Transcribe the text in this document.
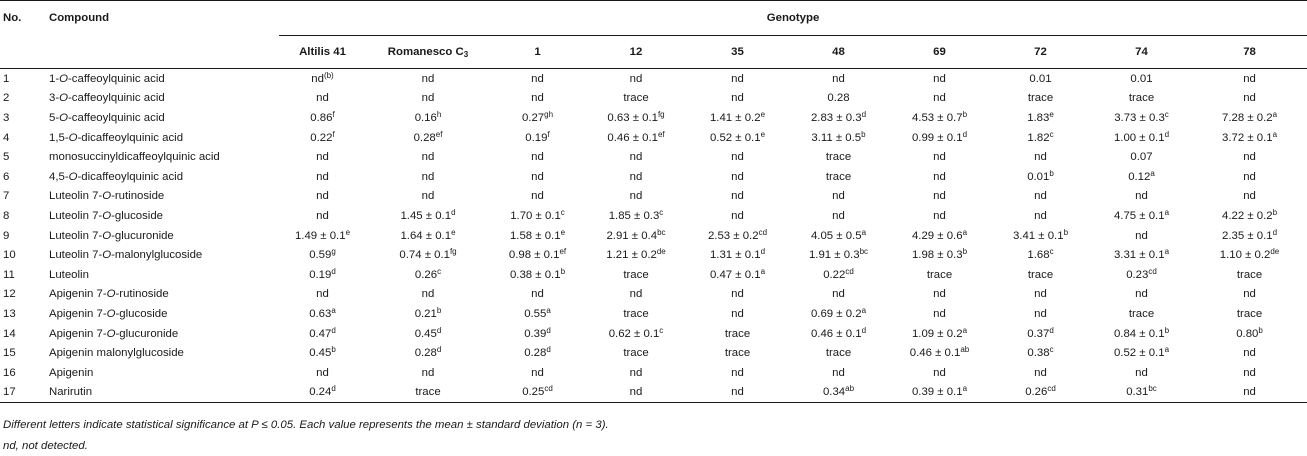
No.	Compound	Genotype									
		Altilis 41	Romanesco $C_3$	1	12	35	48	69	72	74	78
1	1-O-caffeoylquinic acid	$nd^{(b)}$	nd	nd	nd	nd	nd	nd	0.01	0.01	nd
2	3-O-caffeoylquinic acid	nd	nd	nd	trace	nd	0.28	nd	trace	trace	nd
3	5-O-caffeoylquinic acid	0.86$^f$	0.16$^h$	0.27$^{gh}$	0.63 ± 0.1$^{fg}$	1.41 ± 0.2$^e$	2.83 ± 0.3$^d$	4.53 ± 0.7$^b$	1.83e	3.73 ± 0.3$^c$	7.28 ± 0.2$^a$
4	1,5-O-dicaffeoylquinic acid	0.22$^f$	0.28$^{ef}$	0.19$^f$	0.46 ± 0.1$^{ef}$	0.52 ± 0.1$^e$	3.11 ± 0.5$^b$	0.99 ± 0.1$^d$	1.82$^c$	1.00 ± 0.1$^d$	3.72 ± 0.1$^a$
5	monosuccinyldicaffeoylquinic acid	nd	nd	nd	nd	nd	trace	nd	nd	0.07	nd
6	4,5-O-dicaffeoylquinic acid	nd	nd	nd	nd	nd	trace	nd	0.01$^b$	0.12$^a$	nd
7	Luteolin 7-O-rutinoside	nd	nd	nd	nd	nd	nd	nd	nd	nd	nd
8	Luteolin 7-O-glucoside	nd	1.45 ± 0.1$^d$	1.70 ± 0.1$^c$	1.85 ± 0.3$^c$	nd	nd	nd	nd	4.75 ± 0.1$^a$	4.22 ± 0.2$^b$
9	Luteolin 7-O-glucuronide	1.49 ± 0.1$^e$	1.64 ± 0.1$^e$	1.58 ± 0.1$^e$	2.91 ± 0.4$^{bc}$	2.53 ± 0.2$^{cd}$	4.05 ± 0.5$^a$	4.29 ± 0.6$^a$	3.41 ± 0.1$^b$	nd	2.35 ± 0.1$^d$
10	Luteolin 7-O-malonylglucoside	0.59$^g$	0.74 ± 0.1$^{fg}$	0.98 ± 0.1$^{ef}$	1.21 ± 0.2de	1.31 ± 0.1$^d$	1.91 ± 0.3$^{bc}$	1.98 ± 0.3$^b$	1.68$^c$	3.31 ± 0.1$^a$	1.10 ± 0.2de
11	Luteolin	0.19$^d$	0.26$^c$	0.38 ± 0.1$^b$	trace	0.47 ± 0.1$^a$	0.22$^{cd}$	trace	trace	0.23$^{cd}$	trace
12	Apigenin 7-O-rutinoside	nd	nd	nd	nd	nd	nd	nd	nd	nd	nd
13	Apigenin 7-O-glucoside	0.63$^a$	0.21$^b$	0.55$^a$	trace	nd	0.69 ± 0.2$^a$	nd	nd	trace	trace
14	Apigenin 7-O-glucuronide	0.47$^d$	0.45$^d$	0.39$^d$	0.62 ± 0.1$^c$	trace	0.46 ± 0.1$^d$	1.09 ± 0.2$^a$	0.37$^d$	0.84 ± 0.1$^b$	0.80$^b$
15	Apigenin malonylglucoside	0.45$^b$	0.28$^d$	0.28$^d$	trace	trace	trace	0.46 ± 0.1$^{ab}$	0.38$^c$	0.52 ± 0.1$^a$	nd
16	Apigenin	nd	nd	nd	nd	nd	nd	nd	nd	nd	nd
17	Narirutin	0.24$^d$	trace	0.25$^{cd}$	nd	nd	0.34$^{ab}$	0.39 ± 0.1$^a$	0.26$^{cd}$	0.31$^{bc}$	nd
Different letters indicate statistical significance at P ≤ 0.05. Each value represents the mean ± standard deviation (n = 3).
nd, not detected.
